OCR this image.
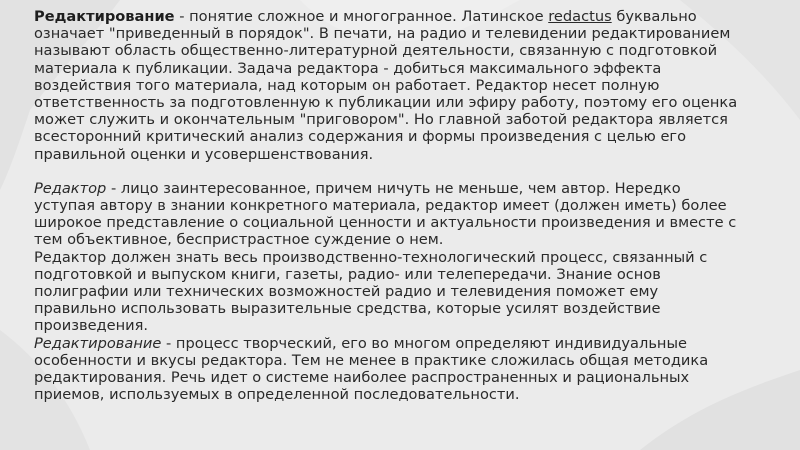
Редактирование - понятие сложное и многогранное. Латинское redactus буквально
означает "приведенный в порядок". В печати, на радио и телевидении редактированием
называют область общественно-литературной деятельности, связанную с подготовкой
материала к публикации. Задача редактора - добиться максимального эффекта
воздействия того материала, над которым он работает. Редактор несет полную
ответственность за подготовленную к публикации или эфиру работу, поэтому его оценка
может служить и окончательным "приговором". Но главной заботой редактора является
всесторонний критический анализ содержания и формы произведения с целью его
правильной оценки и усовершенствования.
Редактор - лицо заинтересованное, причем ничуть не меньше, чем автор. Нередко
уступая автору в знании конкретного материала, редактор имеет (должен иметь) более
широкое представление о социальной ценности и актуальности произведения и вместе с
тем объективное, беспристрастное суждение о нем.
Редактор должен знать весь производственно-технологический процесс, связанный с
подготовкой и выпуском книги, газеты, радио- или телепередачи. Знание основ
полиграфии или технических возможностей радио и телевидения поможет ему
правильно использовать выразительные средства, которые усилят воздействие
произведения.
Редактирование - процесс творческий, его во многом определяют индивидуальные
особенности и вкусы редактора. Тем не менее в практике сложилась общая методика
редактирования. Речь идет о системе наиболее распространенных и рациональных
приемов, используемых в определенной последовательности.
